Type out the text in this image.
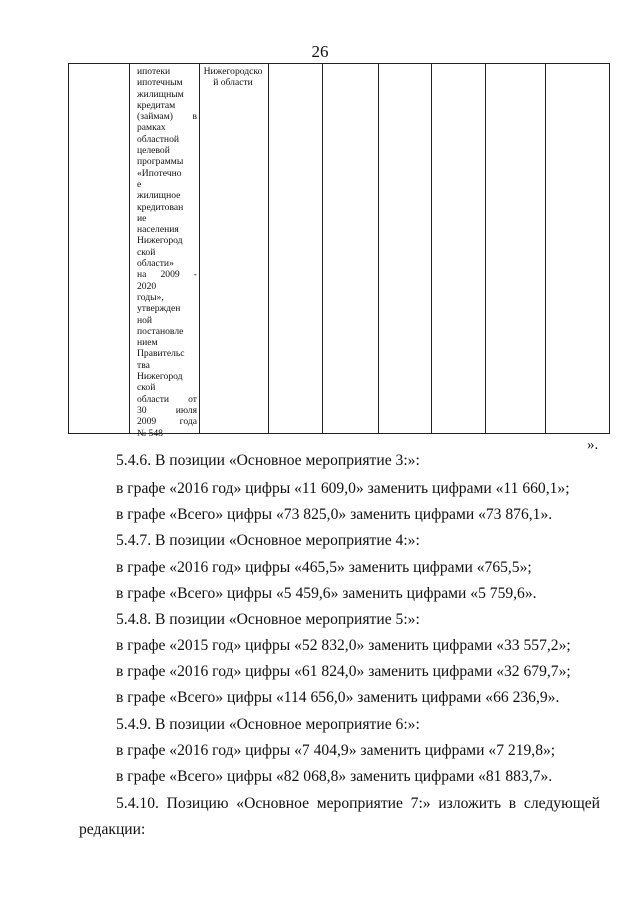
26
ипотеки
ипотечным
жилищным
кредитам
(займам) в
рамках
областной
целевой
программы
«Ипотечно
е
жилищное
кредитован
ие
населения
Нижегород
ской
области»
на 2009 -
2020
годы»,
утвержден
ной
постановле
нием
Правительс
тва
Нижегород
ской
области от
30 июля
2009 года
№ 548
Нижегородско
й области
».
5.4.6. В позиции «Основное мероприятие 3:»:
в графе «2016 год» цифры «11 609,0» заменить цифрами «11 660,1»;
в графе «Всего» цифры «73 825,0» заменить цифрами «73 876,1».
5.4.7. В позиции «Основное мероприятие 4:»:
в графе «2016 год» цифры «465,5» заменить цифрами «765,5»;
в графе «Всего» цифры «5 459,6» заменить цифрами «5 759,6».
5.4.8. В позиции «Основное мероприятие 5:»:
в графе «2015 год» цифры «52 832,0» заменить цифрами «33 557,2»;
в графе «2016 год» цифры «61 824,0» заменить цифрами «32 679,7»;
в графе «Всего» цифры «114 656,0» заменить цифрами «66 236,9».
5.4.9. В позиции «Основное мероприятие 6:»:
в графе «2016 год» цифры «7 404,9» заменить цифрами «7 219,8»;
в графе «Всего» цифры «82 068,8» заменить цифрами «81 883,7».
5.4.10. Позицию «Основное мероприятие 7:» изложить в следующей
редакции:
